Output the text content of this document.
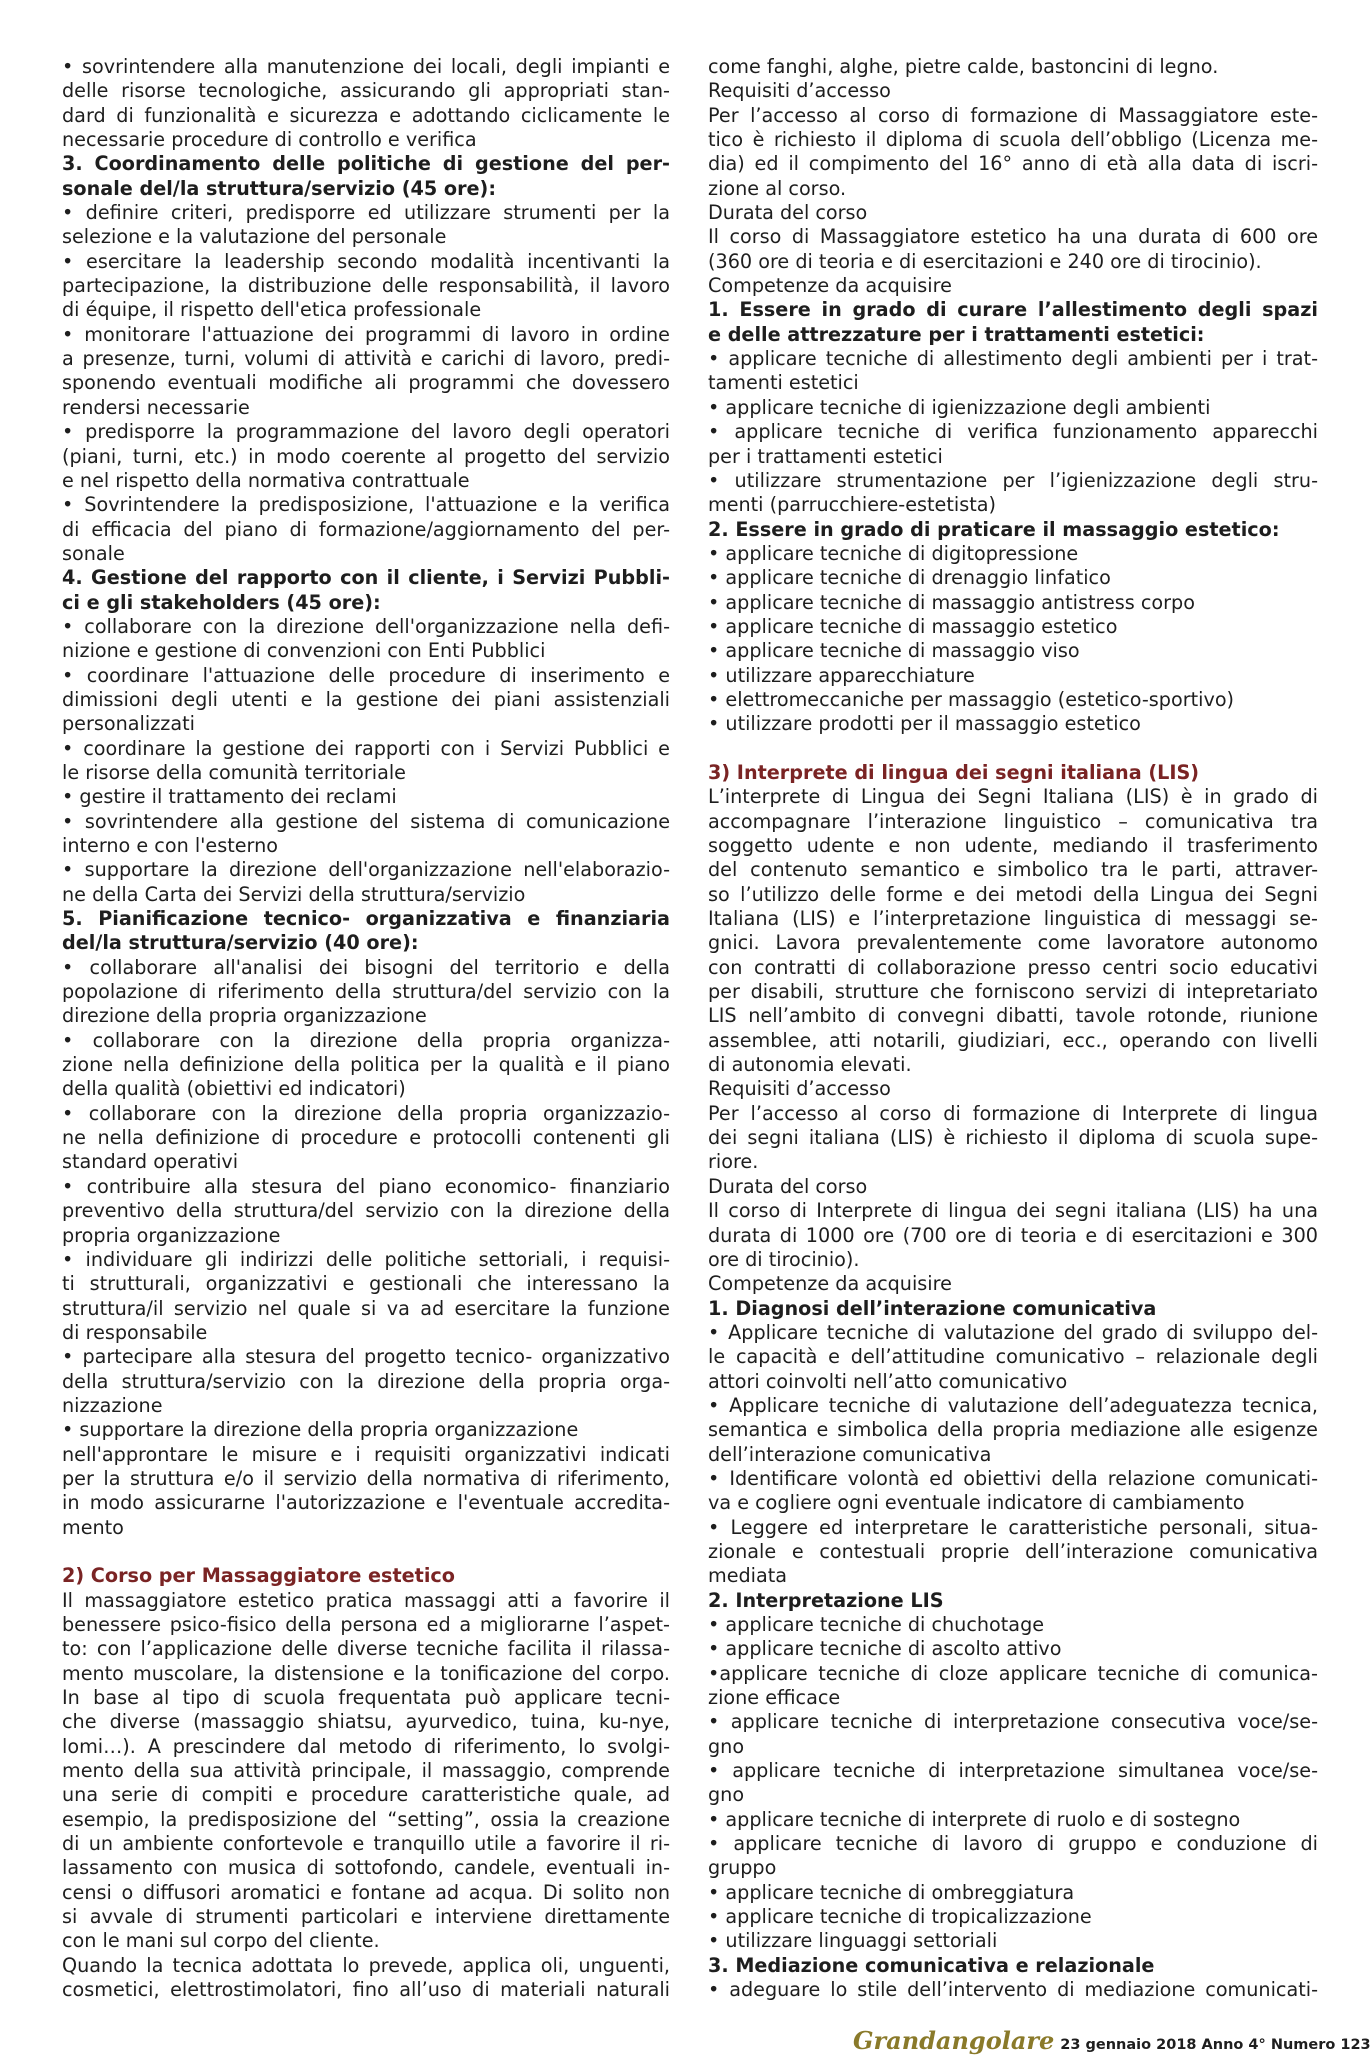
• sovrintendere alla manutenzione dei locali, degli impianti e
delle risorse tecnologiche, assicurando gli appropriati stan-
dard di funzionalità e sicurezza e adottando ciclicamente le
necessarie procedure di controllo e verifica
3. Coordinamento delle politiche di gestione del per-
sonale del/la struttura/servizio (45 ore):
• definire criteri, predisporre ed utilizzare strumenti per la
selezione e la valutazione del personale
• esercitare la leadership secondo modalità incentivanti la
partecipazione, la distribuzione delle responsabilità, il lavoro
di équipe, il rispetto dell'etica professionale
• monitorare l'attuazione dei programmi di lavoro in ordine
a presenze, turni, volumi di attività e carichi di lavoro, predi-
sponendo eventuali modifiche ali programmi che dovessero
rendersi necessarie
• predisporre la programmazione del lavoro degli operatori
(piani, turni, etc.) in modo coerente al progetto del servizio
e nel rispetto della normativa contrattuale
• Sovrintendere la predisposizione, l'attuazione e la verifica
di efficacia del piano di formazione/aggiornamento del per-
sonale
4. Gestione del rapporto con il cliente, i Servizi Pubbli-
ci e gli stakeholders (45 ore):
• collaborare con la direzione dell'organizzazione nella defi-
nizione e gestione di convenzioni con Enti Pubblici
• coordinare l'attuazione delle procedure di inserimento e
dimissioni degli utenti e la gestione dei piani assistenziali
personalizzati
• coordinare la gestione dei rapporti con i Servizi Pubblici e
le risorse della comunità territoriale
• gestire il trattamento dei reclami
• sovrintendere alla gestione del sistema di comunicazione
interno e con l'esterno
• supportare la direzione dell'organizzazione nell'elaborazio-
ne della Carta dei Servizi della struttura/servizio
5. Pianificazione tecnico- organizzativa e finanziaria
del/la struttura/servizio (40 ore):
• collaborare all'analisi dei bisogni del territorio e della
popolazione di riferimento della struttura/del servizio con la
direzione della propria organizzazione
• collaborare con la direzione della propria organizza-
zione nella definizione della politica per la qualità e il piano
della qualità (obiettivi ed indicatori)
• collaborare con la direzione della propria organizzazio-
ne nella definizione di procedure e protocolli contenenti gli
standard operativi
• contribuire alla stesura del piano economico- finanziario
preventivo della struttura/del servizio con la direzione della
propria organizzazione
• individuare gli indirizzi delle politiche settoriali, i requisi-
ti strutturali, organizzativi e gestionali che interessano la
struttura/il servizio nel quale si va ad esercitare la funzione
di responsabile
• partecipare alla stesura del progetto tecnico- organizzativo
della struttura/servizio con la direzione della propria orga-
nizzazione
• supportare la direzione della propria organizzazione
nell'approntare le misure e i requisiti organizzativi indicati
per la struttura e/o il servizio della normativa di riferimento,
in modo assicurarne l'autorizzazione e l'eventuale accredita-
mento
2) Corso per Massaggiatore estetico
Il massaggiatore estetico pratica massaggi atti a favorire il
benessere psico-fisico della persona ed a migliorarne l’aspet-
to: con l’applicazione delle diverse tecniche facilita il rilassa-
mento muscolare, la distensione e la tonificazione del corpo.
In base al tipo di scuola frequentata può applicare tecni-
che diverse (massaggio shiatsu, ayurvedico, tuina, ku-nye,
lomi…). A prescindere dal metodo di riferimento, lo svolgi-
mento della sua attività principale, il massaggio, comprende
una serie di compiti e procedure caratteristiche quale, ad
esempio, la predisposizione del “setting”, ossia la creazione
di un ambiente confortevole e tranquillo utile a favorire il ri-
lassamento con musica di sottofondo, candele, eventuali in-
censi o diffusori aromatici e fontane ad acqua. Di solito non
si avvale di strumenti particolari e interviene direttamente
con le mani sul corpo del cliente.
Quando la tecnica adottata lo prevede, applica oli, unguenti,
cosmetici, elettrostimolatori, fino all’uso di materiali naturali
come fanghi, alghe, pietre calde, bastoncini di legno.
Requisiti d’accesso
Per l’accesso al corso di formazione di Massaggiatore este-
tico è richiesto il diploma di scuola dell’obbligo (Licenza me-
dia) ed il compimento del 16° anno di età alla data di iscri-
zione al corso.
Durata del corso
Il corso di Massaggiatore estetico ha una durata di 600 ore
(360 ore di teoria e di esercitazioni e 240 ore di tirocinio).
Competenze da acquisire
1. Essere in grado di curare l’allestimento degli spazi
e delle attrezzature per i trattamenti estetici:
• applicare tecniche di allestimento degli ambienti per i trat-
tamenti estetici
• applicare tecniche di igienizzazione degli ambienti
• applicare tecniche di verifica funzionamento apparecchi
per i trattamenti estetici
• utilizzare strumentazione per l’igienizzazione degli stru-
menti (parrucchiere-estetista)
2. Essere in grado di praticare il massaggio estetico:
• applicare tecniche di digitopressione
• applicare tecniche di drenaggio linfatico
• applicare tecniche di massaggio antistress corpo
• applicare tecniche di massaggio estetico
• applicare tecniche di massaggio viso
• utilizzare apparecchiature
• elettromeccaniche per massaggio (estetico-sportivo)
• utilizzare prodotti per il massaggio estetico
3) Interprete di lingua dei segni italiana (LIS)
L’interprete di Lingua dei Segni Italiana (LIS) è in grado di
accompagnare l’interazione linguistico – comunicativa tra
soggetto udente e non udente, mediando il trasferimento
del contenuto semantico e simbolico tra le parti, attraver-
so l’utilizzo delle forme e dei metodi della Lingua dei Segni
Italiana (LIS) e l’interpretazione linguistica di messaggi se-
gnici. Lavora prevalentemente come lavoratore autonomo
con contratti di collaborazione presso centri socio educativi
per disabili, strutture che forniscono servizi di intepretariato
LIS nell’ambito di convegni dibatti, tavole rotonde, riunione
assemblee, atti notarili, giudiziari, ecc., operando con livelli
di autonomia elevati.
Requisiti d’accesso
Per l’accesso al corso di formazione di Interprete di lingua
dei segni italiana (LIS) è richiesto il diploma di scuola supe-
riore.
Durata del corso
Il corso di Interprete di lingua dei segni italiana (LIS) ha una
durata di 1000 ore (700 ore di teoria e di esercitazioni e 300
ore di tirocinio).
Competenze da acquisire
1. Diagnosi dell’interazione comunicativa
• Applicare tecniche di valutazione del grado di sviluppo del-
le capacità e dell’attitudine comunicativo – relazionale degli
attori coinvolti nell’atto comunicativo
• Applicare tecniche di valutazione dell’adeguatezza tecnica,
semantica e simbolica della propria mediazione alle esigenze
dell’interazione comunicativa
• Identificare volontà ed obiettivi della relazione comunicati-
va e cogliere ogni eventuale indicatore di cambiamento
• Leggere ed interpretare le caratteristiche personali, situa-
zionale e contestuali proprie dell’interazione comunicativa
mediata
2. Interpretazione LIS
• applicare tecniche di chuchotage
• applicare tecniche di ascolto attivo
•applicare tecniche di cloze applicare tecniche di comunica-
zione efficace
• applicare tecniche di interpretazione consecutiva voce/se-
gno
• applicare tecniche di interpretazione simultanea voce/se-
gno
• applicare tecniche di interprete di ruolo e di sostegno
• applicare tecniche di lavoro di gruppo e conduzione di
gruppo
• applicare tecniche di ombreggiatura
• applicare tecniche di tropicalizzazione
• utilizzare linguaggi settoriali
3. Mediazione comunicativa e relazionale
• adeguare lo stile dell’intervento di mediazione comunicati-
Grandangolare 23 gennaio 2018 Anno 4° Numero 123
